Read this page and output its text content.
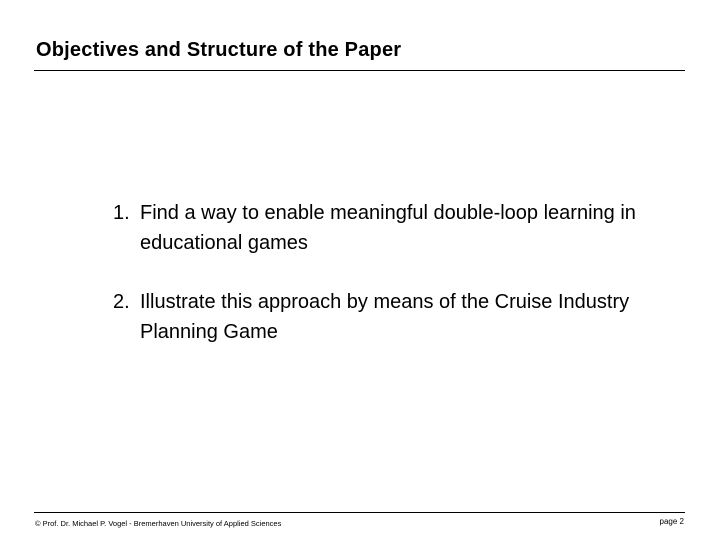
Objectives and Structure of the Paper
1. Find a way to enable meaningful double-loop learning in educational games
2. Illustrate this approach by means of the Cruise Industry Planning Game
© Prof. Dr. Michael P. Vogel - Bremerhaven University of Applied Sciences	page 2
